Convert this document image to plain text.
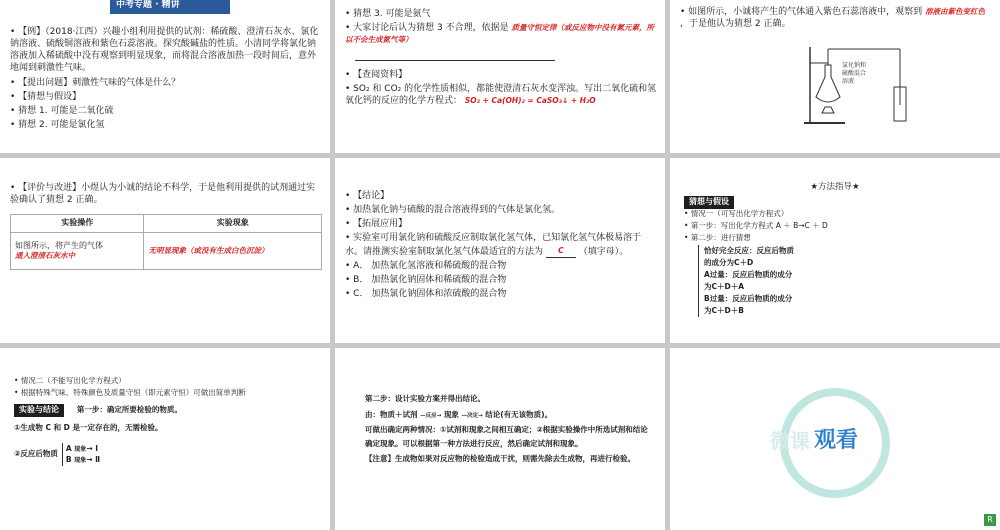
中考专题 · 精讲

• 【例】（2018·江西）兴趣小组利用提供的试剂：稀硫酸、澄清石灰水、氯化钠溶液、硫酸铜溶液和紫色石蕊溶液。探究酸碱盐的性质。小清同学将氯化钠溶液加入稀硫酸中没有观察到明显现象，而将混合溶液加热一段时间后，意外地闻到刺激性气味。

• 【提出问题】刺激性气味的气体是什么？

• 【猜想与假设】

• 猜想 1. 可能是二氧化硫

• 猜想 2. 可能是氯化氢

• 猜想 3. 可能是氨气

• 大家讨论后认为猜想 3 不合理，依据是 质量守恒定律（或反应物中没有氮元素，所以不会生成氨气等）

• 【查阅资料】

• SO₂ 和 CO₂ 的化学性质相似，都能使澄清石灰水变浑浊。写出二氧化硫和氢氧化钙的反应的化学方程式： SO₂ + Ca(OH)₂ = CaSO₃↓ + H₂O

• 如图所示，小诚将产生的气体通入紫色石蕊溶液中，观察到 溶液由紫色变红色 ，于是他认为猜想 2 正确。

氯化钠和
硫酸混合
溶液

• 【评价与改进】小煜认为小诚的结论不科学，于是他利用提供的试剂通过实验确认了猜想 2 正确。

实验操作	实验现象

如图所示，将产生的气体
通入澄清石灰水中	无明显现象（或没有生成白色沉淀）

• 【结论】

• 加热氯化钠与硫酸的混合溶液得到的气体是氯化氢。

• 【拓展应用】

• 实验室可用氯化钠和硫酸反应制取氯化氢气体，已知氯化氢气体极易溶于水。请推测实验室制取氯化氢气体最适宜的方法为 C （填字母）。

• A． 加热氯化氢溶液和稀硫酸的混合物

• B． 加热氯化钠固体和稀硫酸的混合物

• C． 加热氯化钠固体和浓硫酸的混合物

★方法指导★
猜想与假设

• 情况一（可写出化学方程式）

• 第一步：写出化学方程式 A ＋ B→C ＋ D

• 第二步：进行猜想

恰好完全反应：反应后物质
的成分为C＋D
A过量：反应后物质的成分
为C＋D＋A
B过量：反应后物质的成分
为C＋D＋B

• 情况二（不能写出化学方程式）

• 根据特殊气味、特殊颜色及质量守恒（即元素守恒）可做出简单判断

实验与结论 第一步：确定所要检验的物质。

①生成物 C 和 D 是一定存在的，无需检验。

②反应后物质
A 现象→ Ⅰ
B 现象→ Ⅱ

第二步：设计实验方案并得出结论。

由：物质＋试剂 —反应→ 现象 —决定→ 结论(有无该物质)。

可做出确定两种情况：①试剂和现象之间相互确定；②根据实验操作中所选试剂和结论确定现象。可以根据第一种方法进行反应，然后确定试剂和现象。

【注意】生成物如果对反应物的检验造成干扰，则需先除去生成物，再进行检验。

微课 观看
R
